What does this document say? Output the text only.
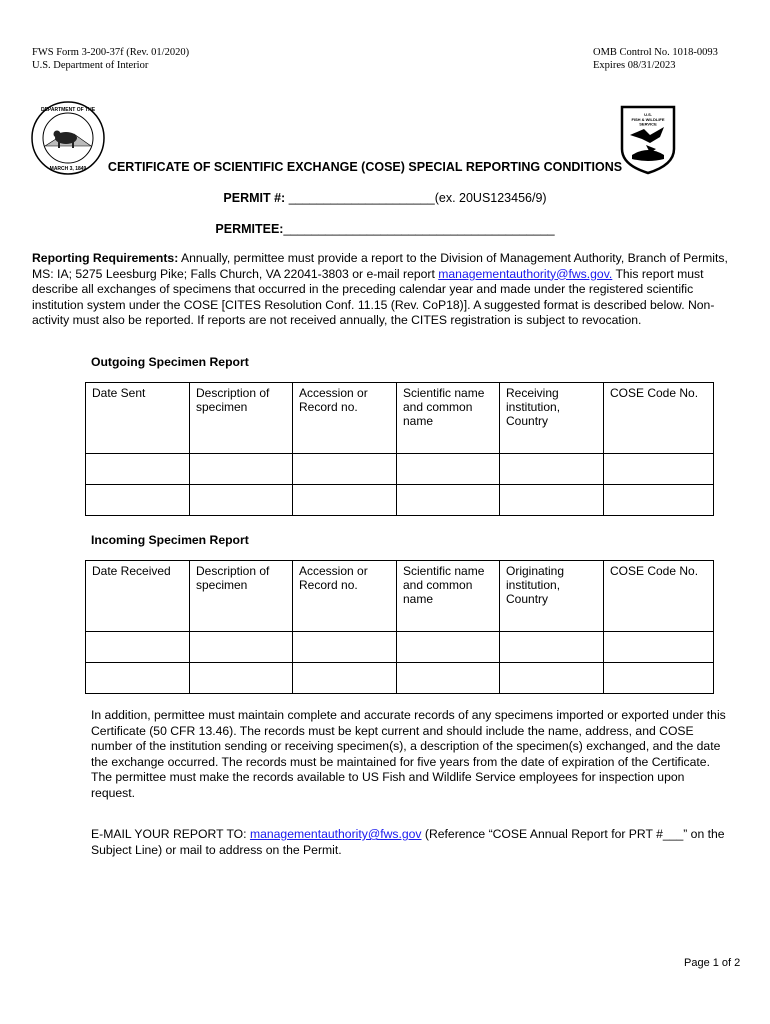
FWS Form 3-200-37f (Rev. 01/2020)
U.S. Department of Interior
OMB Control No. 1018-0093
Expires 08/31/2023
DEPARTMENT OF THE
MARCH 3, 1849
U.S.
FISH & WILDLIFE
SERVICE
CERTIFICATE OF SCIENTIFIC EXCHANGE (COSE) SPECIAL REPORTING CONDITIONS
PERMIT #: _____________________(ex. 20US123456/9)
PERMITEE:_______________________________________
Reporting Requirements: Annually, permittee must provide a report to the Division of Management Authority, Branch of Permits, MS: IA; 5275 Leesburg Pike; Falls Church, VA 22041-3803 or e-mail report managementauthority@fws.gov. This report must describe all exchanges of specimens that occurred in the preceding calendar year and made under the registered scientific institution system under the COSE [CITES Resolution Conf. 11.15 (Rev. CoP18)]. A suggested format is described below. Non-activity must also be reported. If reports are not received annually, the CITES registration is subject to revocation.
Outgoing Specimen Report
Date Sent	Description of specimen	Accession or Record no.	Scientific name and common name	Receiving institution, Country	COSE Code No.

Incoming Specimen Report
Date Received	Description of specimen	Accession or Record no.	Scientific name and common name	Originating institution, Country	COSE Code No.

In addition, permittee must maintain complete and accurate records of any specimens imported or exported under this Certificate (50 CFR 13.46). The records must be kept current and should include the name, address, and COSE number of the institution sending or receiving specimen(s), a description of the specimen(s) exchanged, and the date the exchange occurred. The records must be maintained for five years from the date of expiration of the Certificate. The permittee must make the records available to US Fish and Wildlife Service employees for inspection upon request.
E-MAIL YOUR REPORT TO: managementauthority@fws.gov (Reference “COSE Annual Report for PRT #___” on the Subject Line) or mail to address on the Permit.
Page 1 of 2
